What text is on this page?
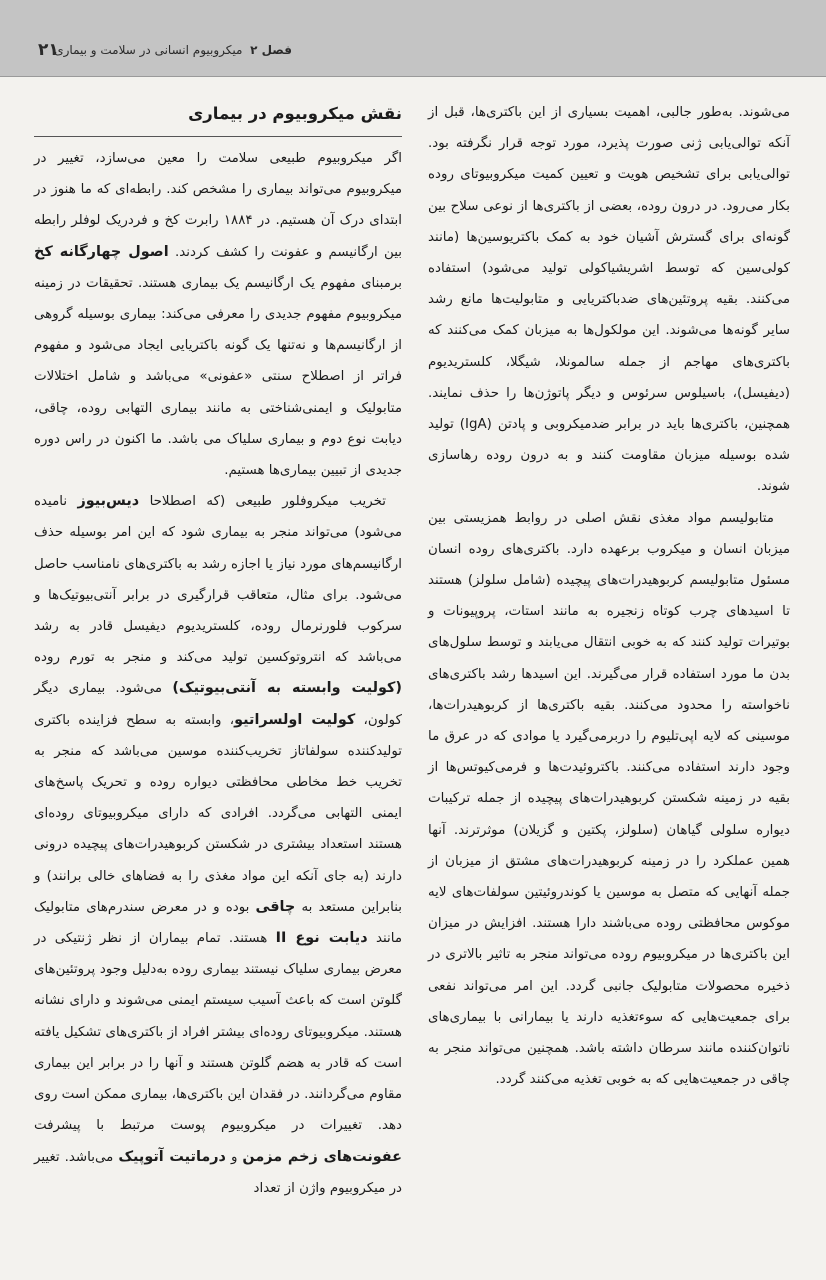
۲۱	فصل ۲  میکروبیوم انسانی در سلامت و بیماری

می‌شوند. به‌طور جالبی، اهمیت بسیاری از این باکتری‌ها، قبل از آنکه توالی‌یابی ژنی صورت پذیرد، مورد توجه قرار نگرفته بود. توالی‌یابی برای تشخیص هویت و تعیین کمیت میکروبیوتای روده بکار می‌رود. در درون روده، بعضی از باکتری‌ها از نوعی سلاح بین گونه‌ای برای گسترش آشیان خود به کمک باکتریوسین‌ها (مانند کولی‌سین که توسط اشریشیاکولی تولید می‌شود) استفاده می‌کنند. بقیه پروتئین‌های ضدباکتریایی و متابولیت‌ها مانع رشد سایر گونه‌ها می‌شوند. این مولکول‌ها به میزبان کمک می‌کنند که باکتری‌های مهاجم از جمله سالمونلا، شیگلا، کلستریدیوم (دیفیسل)، باسیلوس سرئوس و دیگر پاتوژن‌ها را حذف نمایند. همچنین، باکتری‌ها باید در برابر ضدمیکروبی و پادتن (IgA) تولید شده بوسیله میزبان مقاومت کنند و به درون روده رهاسازی شوند.

متابولیسم مواد مغذی نقش اصلی در روابط همزیستی بین میزبان انسان و میکروب برعهده دارد. باکتری‌های روده انسان مسئول متابولیسم کربوهیدرات‌های پیچیده (شامل سلولز) هستند تا اسیدهای چرب کوتاه زنجیره به مانند استات، پروپیونات و بوتیرات تولید کنند که به خوبی انتقال می‌یابند و توسط سلول‌های بدن ما مورد استفاده قرار می‌گیرند. این اسیدها رشد باکتری‌های ناخواسته را محدود می‌کنند. بقیه باکتری‌ها از کربوهیدرات‌ها، موسینی که لایه اپی‌تلیوم را دربرمی‌گیرد یا موادی که در عرق ما وجود دارند استفاده می‌کنند. باکتروئیدت‌ها و فرمی‌کیوتس‌ها از بقیه در زمینه شکستن کربوهیدرات‌های پیچیده از جمله ترکیبات دیواره سلولی گیاهان (سلولز، پکتین و گزیلان) موثرترند. آنها همین عملکرد را در زمینه کربوهیدرات‌های مشتق از میزبان از جمله آنهایی که متصل به موسین یا کوندروئیتین سولفات‌های لایه موکوس محافظتی روده می‌باشند دارا هستند. افزایش در میزان این باکتری‌ها در میکروبیوم روده می‌تواند منجر به تاثیر بالاتری در ذخیره محصولات متابولیک جانبی گردد. این امر می‌تواند نفعی برای جمعیت‌هایی که سوءتغذیه دارند یا بیمارانی با بیماری‌های ناتوان‌کننده مانند سرطان داشته باشد. همچنین می‌تواند منجر به چاقی در جمعیت‌هایی که به خوبی تغذیه می‌کنند گردد.

نقش میکروبیوم در بیماری

اگر میکروبیوم طبیعی سلامت را معین می‌سازد، تغییر در میکروبیوم می‌تواند بیماری را مشخص کند. رابطه‌ای که ما هنوز در ابتدای درک آن هستیم. در ۱۸۸۴ رابرت کخ و فردریک لوفلر رابطه بین ارگانیسم و عفونت را کشف کردند. اصول چهارگانه کخ برمبنای مفهوم یک ارگانیسم یک بیماری هستند. تحقیقات در زمینه میکروبیوم مفهوم جدیدی را معرفی می‌کند: بیماری بوسیله گروهی از ارگانیسم‌ها و نه‌تنها یک گونه باکتریایی ایجاد می‌شود و مفهوم فراتر از اصطلاح سنتی «عفونی» می‌باشد و شامل اختلالات متابولیک و ایمنی‌شناختی به مانند بیماری التهابی روده، چاقی، دیابت نوع دوم و بیماری سلیاک می باشد. ما اکنون در راس دوره جدیدی از تبیین بیماری‌ها هستیم.

تخریب میکروفلور طبیعی (که اصطلاحا دیس‌بیوز نامیده می‌شود) می‌تواند منجر به بیماری شود که این امر بوسیله حذف ارگانیسم‌های مورد نیاز یا اجازه رشد به باکتری‌های نامناسب حاصل می‌شود. برای مثال، متعاقب قرارگیری در برابر آنتی‌بیوتیک‌ها و سرکوب فلورنرمال روده، کلستریدیوم دیفیسل قادر به رشد می‌باشد که انتروتوکسین تولید می‌کند و منجر به تورم روده (کولیت وابسته به آنتی‌بیوتیک) می‌شود. بیماری دیگر کولون، کولیت اولسراتیو، وابسته به سطح فزاینده باکتری تولیدکننده سولفاتاز تخریب‌کننده موسین می‌باشد که منجر به تخریب خط مخاطی محافظتی دیواره روده و تحریک پاسخ‌های ایمنی التهابی می‌گردد. افرادی که دارای میکروبیوتای روده‌ای هستند استعداد بیشتری در شکستن کربوهیدرات‌های پیچیده درونی دارند (به جای آنکه این مواد مغذی را به فضاهای خالی برانند) و بنابراین مستعد به چاقی بوده و در معرض سندرم‌های متابولیک مانند دیابت نوع II هستند. تمام بیماران از نظر ژنتیکی در معرض بیماری سلیاک نیستند بیماری روده به‌دلیل وجود پروتئین‌های گلوتن است که باعث آسیب سیستم ایمنی می‌شوند و دارای نشانه هستند. میکروبیوتای روده‌ای بیشتر افراد از باکتری‌های تشکیل یافته است که قادر به هضم گلوتن هستند و آنها را در برابر این بیماری مقاوم می‌گردانند. در فقدان این باکتری‌ها، بیماری ممکن است روی دهد. تغییرات در میکروبیوم پوست مرتبط با پیشرفت عفونت‌های زخم مزمن و درماتیت آتوپیک می‌باشد. تغییر در میکروبیوم واژن از تعداد
